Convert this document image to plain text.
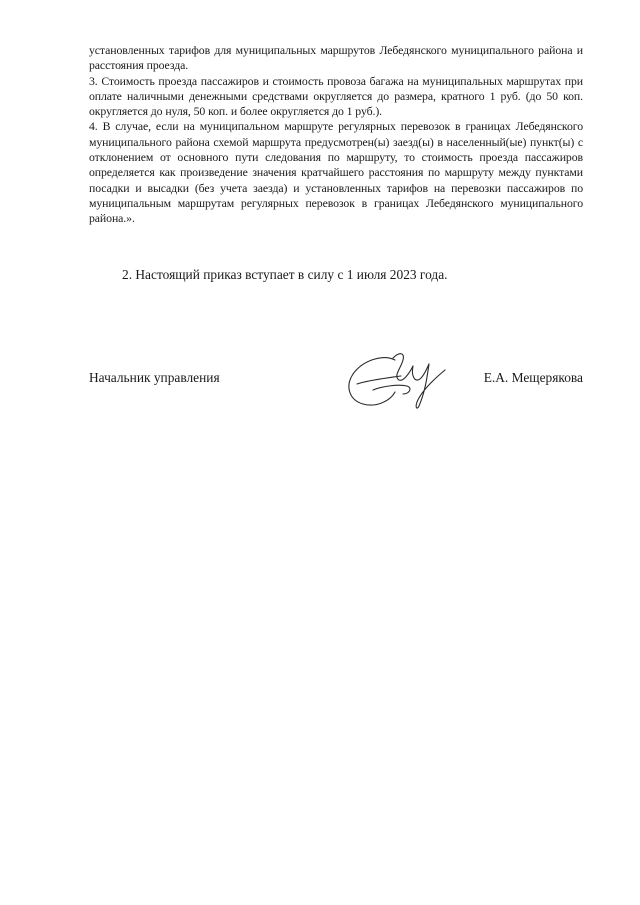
установленных тарифов для муниципальных маршрутов Лебедянского муниципального района и расстояния проезда.

3. Стоимость проезда пассажиров и стоимость провоза багажа на муниципальных маршрутах при оплате наличными денежными средствами округляется до размера, кратного 1 руб. (до 50 коп. округляется до нуля, 50 коп. и более округляется до 1 руб.).

4. В случае, если на муниципальном маршруте регулярных перевозок в границах Лебедянского муниципального района схемой маршрута предусмотрен(ы) заезд(ы) в населенный(ые) пункт(ы) с отклонением от основного пути следования по маршруту, то стоимость проезда пассажиров определяется как произведение значения кратчайшего расстояния по маршруту между пунктами посадки и высадки (без учета заезда) и установленных тарифов на перевозки пассажиров по муниципальным маршрутам регулярных перевозок в границах Лебедянского муниципального района.».

2. Настоящий приказ вступает в силу с 1 июля 2023 года.
Начальник управления	Е.А. Мещерякова
